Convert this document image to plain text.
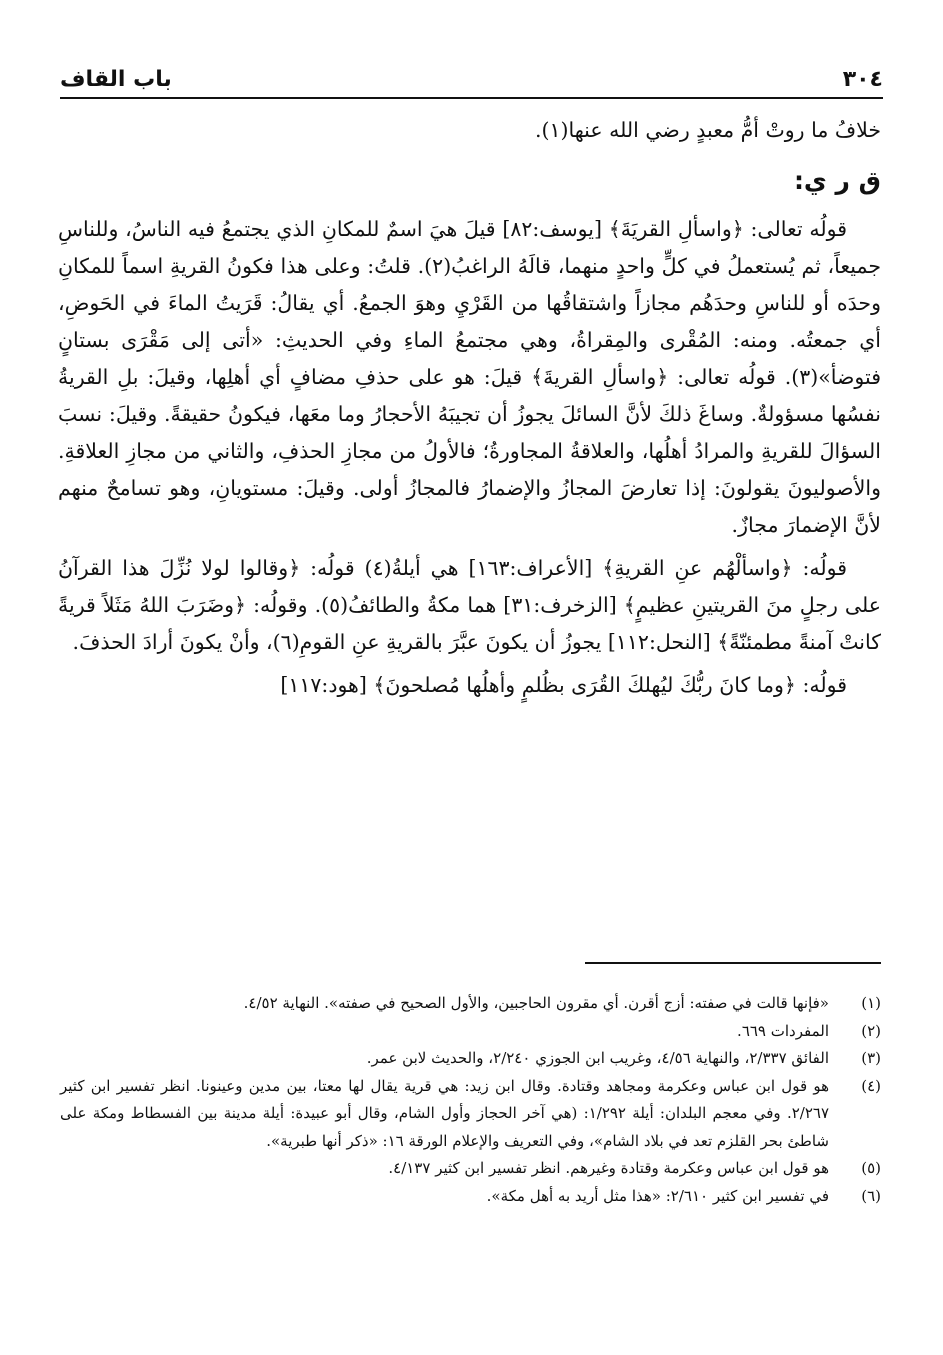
٣٠٤
باب القاف

خلافُ ما روتْ أمُّ معبدٍ رضي الله عنها(١).

ق ر ي:

قولُه تعالى: ﴿واسألِ القريَةَ﴾ [يوسف:٨٢] قيلَ هيَ اسمٌ للمكانِ الذي يجتمعُ فيه الناسُ، وللناسِ جميعاً، ثم يُستعملُ في كلٍّ واحدٍ منهما، قالَهُ الراغبُ(٢). قلتُ: وعلى هذا فكونُ القريةِ اسماً للمكانِ وحدَه أو للناسِ وحدَهُم مجازاً واشتقاقُها من القَرْيِ وهوَ الجمعُ. أي يقالُ: قَرَيتُ الماءَ في الحَوضِ، أي جمعتُه. ومنه: المُقْرى والمِقراةُ، وهي مجتمعُ الماءِ وفي الحديثِ: «أتى إلى مَقْرَى بستانٍ فتوضأ»(٣). قولُه تعالى: ﴿واسألِ القريةَ﴾ قيلَ: هو على حذفِ مضافٍ أي أهلِها، وقيلَ: بلِ القريةُ نفسُها مسؤولةٌ. وساغَ ذلكَ لأنَّ السائلَ يجوزُ أن تجيبَهُ الأحجارُ وما معَها، فيكونُ حقيقةً. وقيلَ: نسبَ السؤالَ للقريةِ والمرادُ أهلُها، والعلاقةُ المجاورةُ؛ فالأولُ من مجازِ الحذفِ، والثاني من مجازِ العلاقةِ. والأصوليونَ يقولونَ: إذا تعارضَ المجازُ والإضمارُ فالمجازُ أولى. وقيلَ: مستويانِ، وهو تسامحٌ منهم لأنَّ الإضمارَ مجازٌ.

قولُه: ﴿واسألْهُم عنِ القريةِ﴾ [الأعراف:١٦٣] هي أيلةُ(٤) قولُه: ﴿وقالوا لولا نُزِّلَ هذا القرآنُ على رجلٍ منَ القريتينِ عظيمٍ﴾ [الزخرف:٣١] هما مكةُ والطائفُ(٥). وقولُه: ﴿وضَرَبَ اللهُ مَثَلاً قريةً كانتْ آمنةً مطمئنّةً﴾ [النحل:١١٢] يجوزُ أن يكونَ عبَّرَ بالقريةِ عنِ القومِ(٦)، وأنْ يكونَ أرادَ الحذفَ.

قولُه: ﴿وما كانَ ربُّكَ ليُهلكَ القُرَى بظُلمٍ وأهلُها مُصلحونَ﴾ [هود:١١٧]

(١)
«فإنها قالت في صفته: أزج أقرن. أي مقرون الحاجبين، والأول الصحيح في صفته». النهاية ٤/٥٢.
(٢)
المفردات ٦٦٩.
(٣)
الفائق ٢/٣٣٧، والنهاية ٤/٥٦، وغريب ابن الجوزي ٢/٢٤٠، والحديث لابن عمر.
(٤)
هو قول ابن عباس وعكرمة ومجاهد وقتادة. وقال ابن زيد: هي قرية يقال لها معتا، بين مدين وعينونا. انظر تفسير ابن كثير ٢/٢٦٧. وفي معجم البلدان: أيلة ١/٢٩٢: (هي آخر الحجاز وأول الشام، وقال أبو عبيدة: أيلة مدينة بين الفسطاط ومكة على شاطئ بحر القلزم تعد في بلاد الشام»، وفي التعريف والإعلام الورقة ١٦: «ذكر أنها طبرية».
(٥)
هو قول ابن عباس وعكرمة وقتادة وغيرهم. انظر تفسير ابن كثير ٤/١٣٧.
(٦)
في تفسير ابن كثير ٢/٦١٠: «هذا مثل أريد به أهل مكة».
